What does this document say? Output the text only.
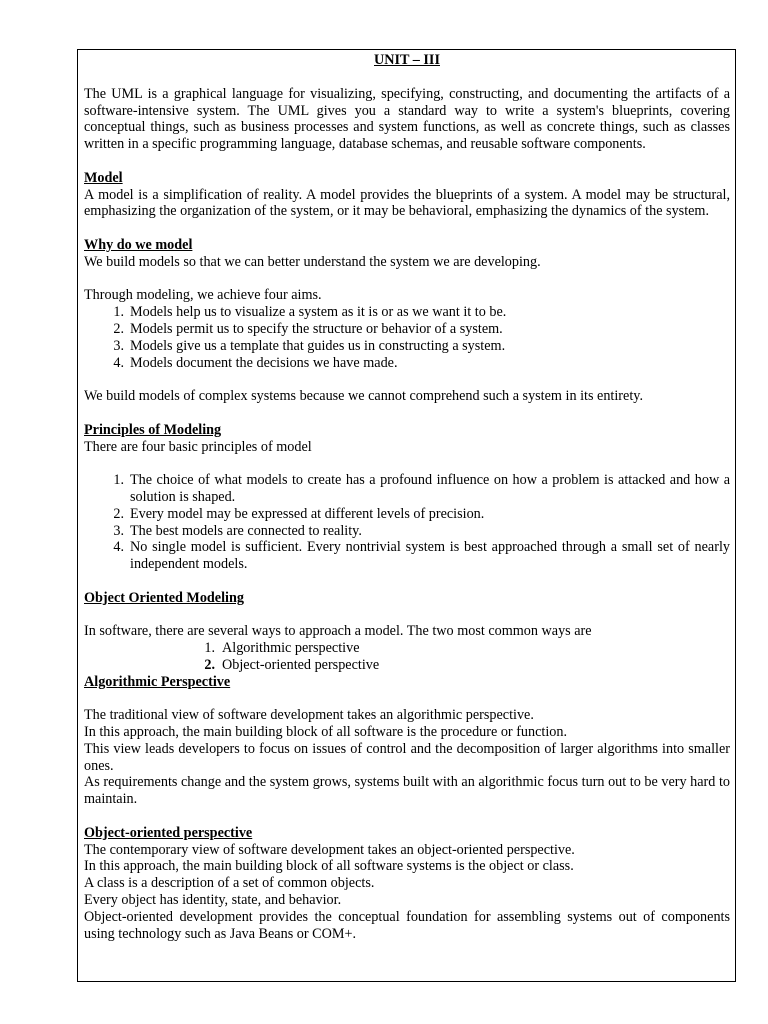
UNIT – III

The UML is a graphical language for visualizing, specifying, constructing, and documenting the artifacts of a software-intensive system. The UML gives you a standard way to write a system's blueprints, covering conceptual things, such as business processes and system functions, as well as concrete things, such as classes written in a specific programming language, database schemas, and reusable software components.

Model

A model is a simplification of reality. A model provides the blueprints of a system. A model may be structural, emphasizing the organization of the system, or it may be behavioral, emphasizing the dynamics of the system.

Why do we model

We build models so that we can better understand the system we are developing.

Through modeling, we achieve four aims.

1. Models help us to visualize a system as it is or as we want it to be.
2. Models permit us to specify the structure or behavior of a system.
3. Models give us a template that guides us in constructing a system.
4. Models document the decisions we have made.

We build models of complex systems because we cannot comprehend such a system in its entirety.

Principles of Modeling

There are four basic principles of model

1. The choice of what models to create has a profound influence on how a problem is attacked and how a solution is shaped.
2. Every model may be expressed at different levels of precision.
3. The best models are connected to reality.
4. No single model is sufficient. Every nontrivial system is best approached through a small set of nearly independent models.

Object Oriented Modeling

In software, there are several ways to approach a model. The two most common ways are

1. Algorithmic perspective
2. Object-oriented perspective

Algorithmic Perspective

The traditional view of software development takes an algorithmic perspective.

In this approach, the main building block of all software is the procedure or function.

This view leads developers to focus on issues of control and the decomposition of larger algorithms into smaller ones.

As requirements change and the system grows, systems built with an algorithmic focus turn out to be very hard to maintain.

Object-oriented perspective

The contemporary view of software development takes an object-oriented perspective.

In this approach, the main building block of all software systems is the object or class.

A class is a description of a set of common objects.

Every object has identity, state, and behavior.

Object-oriented development provides the conceptual foundation for assembling systems out of components using technology such as Java Beans or COM+.
